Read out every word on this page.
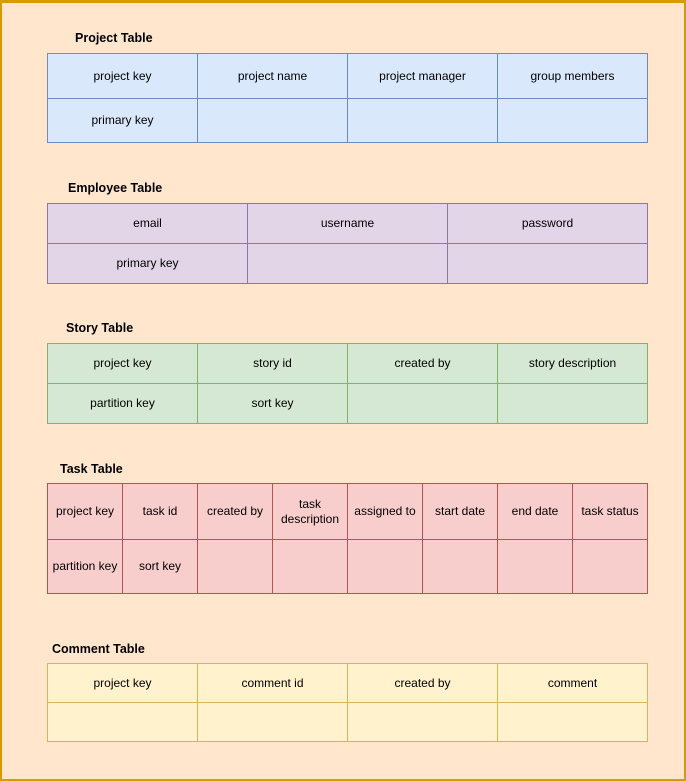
Project Table
project key	project name	project manager	group members
primary key			
Employee Table
email	username	password
primary key		
Story Table
project key	story id	created by	story description
partition key	sort key		
Task Table
project key	task id	created by	task description	assigned to	start date	end date	task status
partition key	sort key						
Comment Table
project key	comment id	created by	comment
